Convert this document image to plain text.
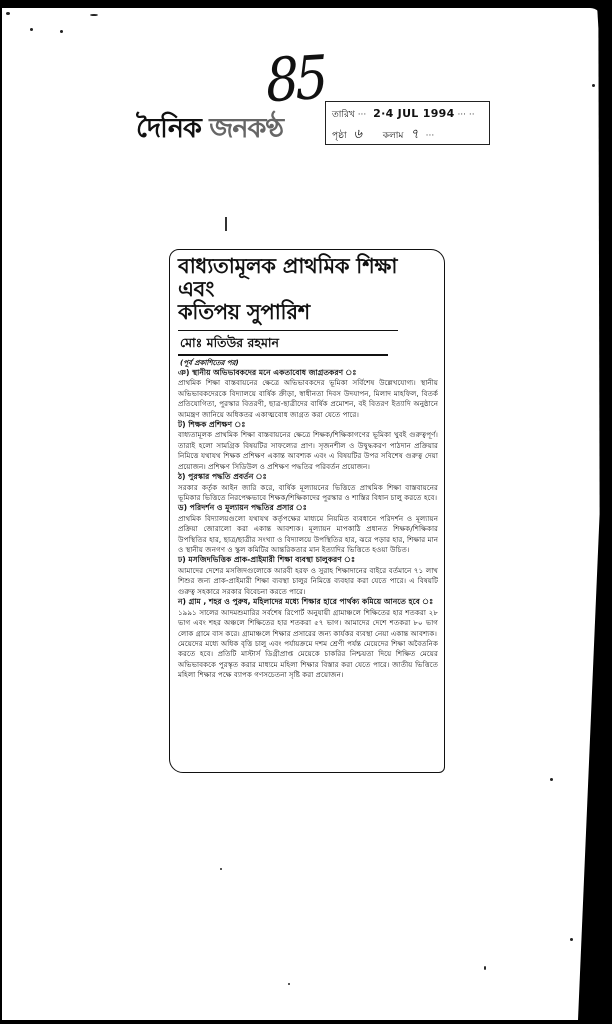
85
দৈনিক জনকণ্ঠ	তারিখ ··· 2·4 JUL 1994 ··· ··
পৃষ্ঠা ৬ কলাম ৭ ···
বাধ্যতামূলক প্রাথমিক শিক্ষা
এবং
কতিপয় সুপারিশ
মোঃ মতিউর রহমান
(পূর্ব প্রকাশিতের পর)
ঞ) স্থানীয় অভিভাবকদের মনে একতাবোধ জাগ্রতকরণ ঃ

প্রাথমিক শিক্ষা বাস্তবায়নের ক্ষেত্রে অভিভাবকদের ভূমিকা সর্বিশেষ উল্লেখযোগ্য। স্থানীয় অভিভাবকদেরকে বিদ্যালয়ে বার্ষিক ক্রীড়া, স্বাধীনতা দিবস উদযাপন, মিলাদ মাহফিল, বিতর্ক প্রতিযোগিতা, পুরস্কার বিতরণী, ছাত্র-ছাত্রীদের বার্ষিক প্রমোশন, বই বিতরণ ইত্যাদি অনুষ্ঠানে আমন্ত্রণ জানিয়ে অধিকতর একাত্মবোধ জাগ্রত করা যেতে পারে।

ট) শিক্ষক প্রশিক্ষণ ঃ

বাধ্যতামূলক প্রাথমিক শিক্ষা বাস্তবায়নের ক্ষেত্রে শিক্ষক/শিক্ষিকাগণের ভূমিকা খুবই গুরুত্বপূর্ণ। তারাই হলো সামগ্রিক বিষয়টির সাফল্যের প্রাণ। সৃজনশীল ও উদ্বুদ্ধকরণ পাঠদান প্রক্রিয়ার নিমিত্তে যথাযথ শিক্ষক প্রশিক্ষণ একান্ত আবশ্যক এবং এ বিষয়টির উপর সবিশেষ গুরুত্ব দেয়া প্রয়োজন। প্রশিক্ষণ সিডিউল ও প্রশিক্ষণ পদ্ধতির পরিবর্তন প্রয়োজন।

ঠ) পুরস্কার পদ্ধতি প্রবর্তন ঃ

সরকার কর্তৃক আইন জারি করে, বার্ষিক মূল্যায়নের ভিত্তিতে প্রাথমিক শিক্ষা বাস্তবায়নের ভূমিকার ভিত্তিতে নিরপেক্ষভাবে শিক্ষক/শিক্ষিকাদের পুরস্কার ও শাস্তির বিধান চালু করতে হবে।

ড) পরিদর্শন ও মূল্যায়ন পদ্ধতির প্রসার ঃ

প্রাথমিক বিদ্যালয়গুলো যথাযথ কর্তৃপক্ষের মাধ্যমে নিয়মিত ব্যবধানে পরিদর্শন ও মূল্যায়ন প্রক্রিয়া জোরালো করা একান্ত আবশ্যক। মূল্যায়ন মাপকাঠি প্রধানত শিক্ষক/শিক্ষিকার উপস্থিতির হার, ছাত্র/ছাত্রীর সংখ্যা ও বিদ্যালয়ে উপস্থিতির হার, ঝরে পড়ার হার, শিক্ষার মান ও স্থানীয় জনগণ ও স্কুল কমিটির আন্তরিকতার মান ইত্যাদির ভিত্তিতে হওয়া উচিত।

ঢ) মসজিদভিত্তিক প্রাক-প্রাইমারী শিক্ষা ব্যবস্থা চালুকরণ ঃ

আমাদের দেশের মসজিদগুলোকে আরবী হরফ ও সুরাহ শিক্ষাদানের বাইরে বর্তমানে ৭১ লাখ শিশুর জন্য প্রাক-প্রাইমারী শিক্ষা ব্যবস্থা চালুর নিমিত্তে ব্যবহার করা যেতে পারে। এ বিষয়টি গুরুত্ব সহকারে সরকার বিবেচনা করতে পারে।

ন) গ্রাম , শহর ও পুরুষ, মহিলাদের মধ্যে শিক্ষার হারে পার্থক্য কমিয়ে আনতে হবে ঃ

১৯৯১ সালের আদমশুমারির সর্বশেষ রিপোর্ট অনুযায়ী গ্রামাঞ্চলে শিক্ষিতের হার শতকরা ২৮ ভাগ এবং শহর অঞ্চলে শিক্ষিতের হার শতকরা ৫৭ ভাগ। আমাদের দেশে শতকরা ৮০ ভাগ লোক গ্রামে বাস করে। গ্রামাঞ্চলে শিক্ষার প্রসারের জন্য কার্যকর ব্যবস্থা নেয়া একান্ত আবশ্যক।

মেয়েদের মধ্যে অধিক বৃত্তি চালু এবং পর্যায়ক্রমে দশম শ্রেণী পর্যন্ত মেয়েদের শিক্ষা অবৈতনিক করতে হবে। প্রতিটি মাস্টার্স ডিগ্রীপ্রাপ্ত মেয়েকে চাকরির নিশ্চয়তা দিয়ে শিক্ষিত মেয়ের অভিভাবককে পুরস্কৃত করার মাধ্যমে মহিলা শিক্ষার বিস্তার করা যেতে পারে। জাতীয় ভিত্তিতে মহিলা শিক্ষার পক্ষে ব্যাপক গণসচেতনা সৃষ্টি করা প্রয়োজন।
